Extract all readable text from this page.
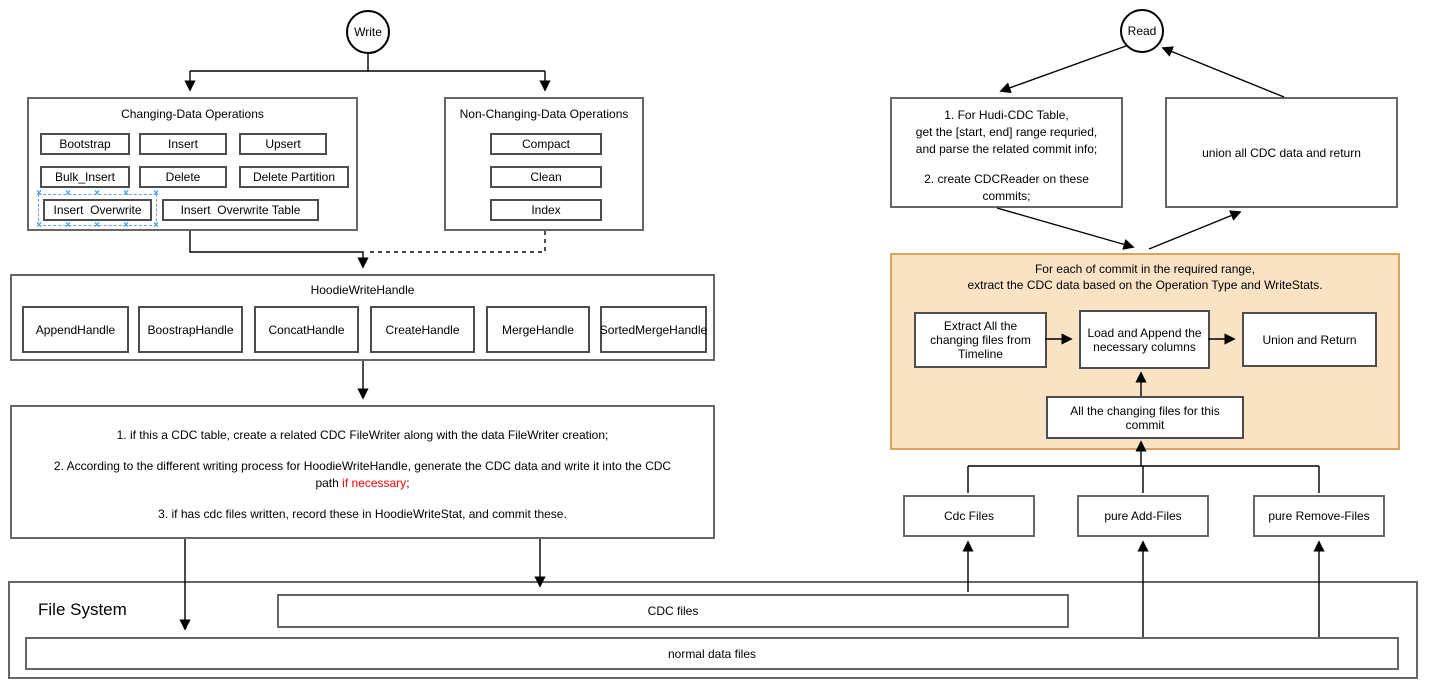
Write
Changing-Data Operations
Bootstrap	Insert	Upsert
Bulk_Insert	Delete	Delete Partition
Insert  Overwrite
×
×
×
×
×
×
×
×
×
×	Insert  Overwrite Table
Non-Changing-Data Operations
Compact
Clean
Index
HoodieWriteHandle
AppendHandle	BoostrapHandle	ConcatHandle	CreateHandle	MergeHandle	SortedMergeHandle
1. if this a CDC table, create a related CDC FileWriter along with the data FileWriter creation;
2. According to the different writing process for HoodieWriteHandle, generate the CDC data and write it into the CDC
path if necessary;
3. if has cdc files written, record these in HoodieWriteStat, and commit these.
Read
1. For Hudi-CDC Table,
get the [start, end] range requried,
and parse the related commit info;
2. create CDCReader on these
commits;
union all CDC data and return
For each of commit in the required range,
extract the CDC data based on the Operation Type and WriteStats.
Extract All the changing files from Timeline
Load and Append the necessary columns	Union and Return
All the changing files for this commit
Cdc Files	pure Add-Files	pure Remove-Files
File System	CDC files
normal data files
